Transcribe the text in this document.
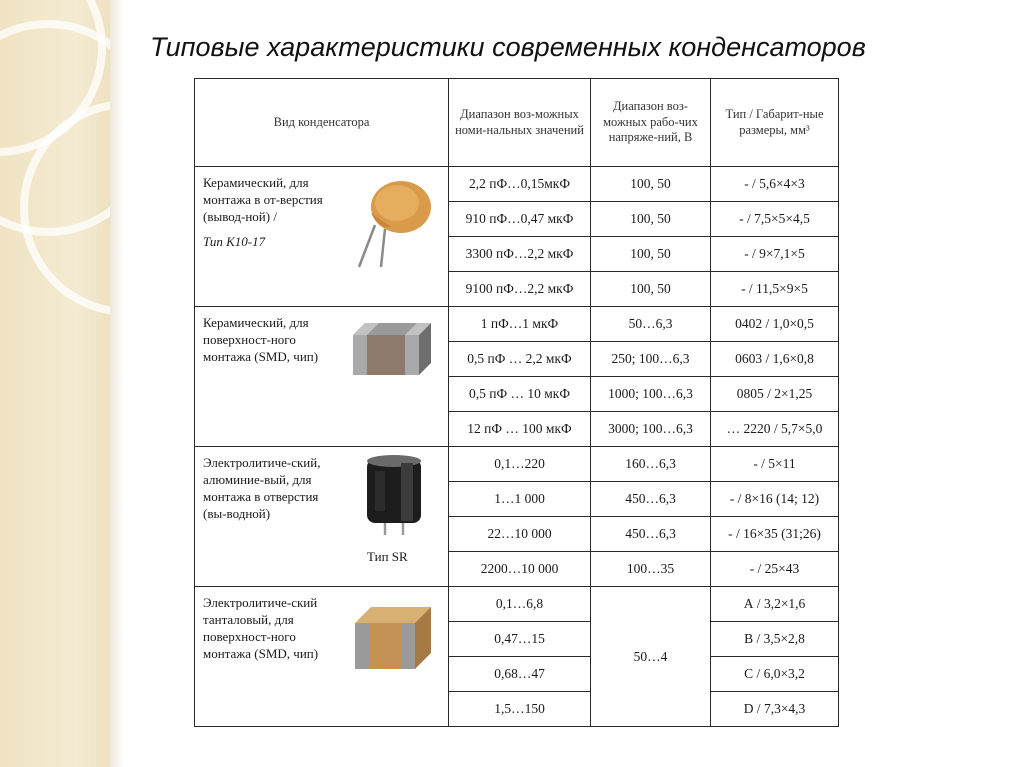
Типовые характеристики современных конденсаторов
Вид конденсатора	Диапазон воз-можных номи-нальных значений	Диапазон воз-можных рабо-чих напряже-ний, В	Тип / Габарит-ные размеры, мм³

Керамический, для монтажа в от-верстия (вывод-ной) /
Тип К10-17	2,2 пФ…0,15мкФ	100, 50	- / 5,6×4×3
	910 пФ…0,47 мкФ	100, 50	- / 7,5×5×4,5
	3300 пФ…2,2 мкФ	100, 50	- / 9×7,1×5
	9100 пФ…2,2 мкФ	100, 50	- / 11,5×9×5

Керамический, для поверхност-ного монтажа (SMD, чип)	1 пФ…1 мкФ	50…6,3	0402 / 1,0×0,5
	0,5 пФ … 2,2 мкФ	250; 100…6,3	0603 / 1,6×0,8
	0,5 пФ … 10 мкФ	1000; 100…6,3	0805 / 2×1,25
	12 пФ … 100 мкФ	3000; 100…6,3	… 2220 / 5,7×5,0

Электролитиче-ский, алюминие-вый, для монтажа в отверстия (вы-водной)
Тип SR	0,1…220	160…6,3	- / 5×11
	1…1 000	450…6,3	- / 8×16 (14; 12)
	22…10 000	450…6,3	- / 16×35 (31;26)
	2200…10 000	100…35	- / 25×43

Электролитиче-ский танталовый, для поверхност-ного монтажа (SMD, чип)	0,1…6,8	50…4	А / 3,2×1,6
	0,47…15		В / 3,5×2,8
	0,68…47		С / 6,0×3,2
	1,5…150		D / 7,3×4,3
